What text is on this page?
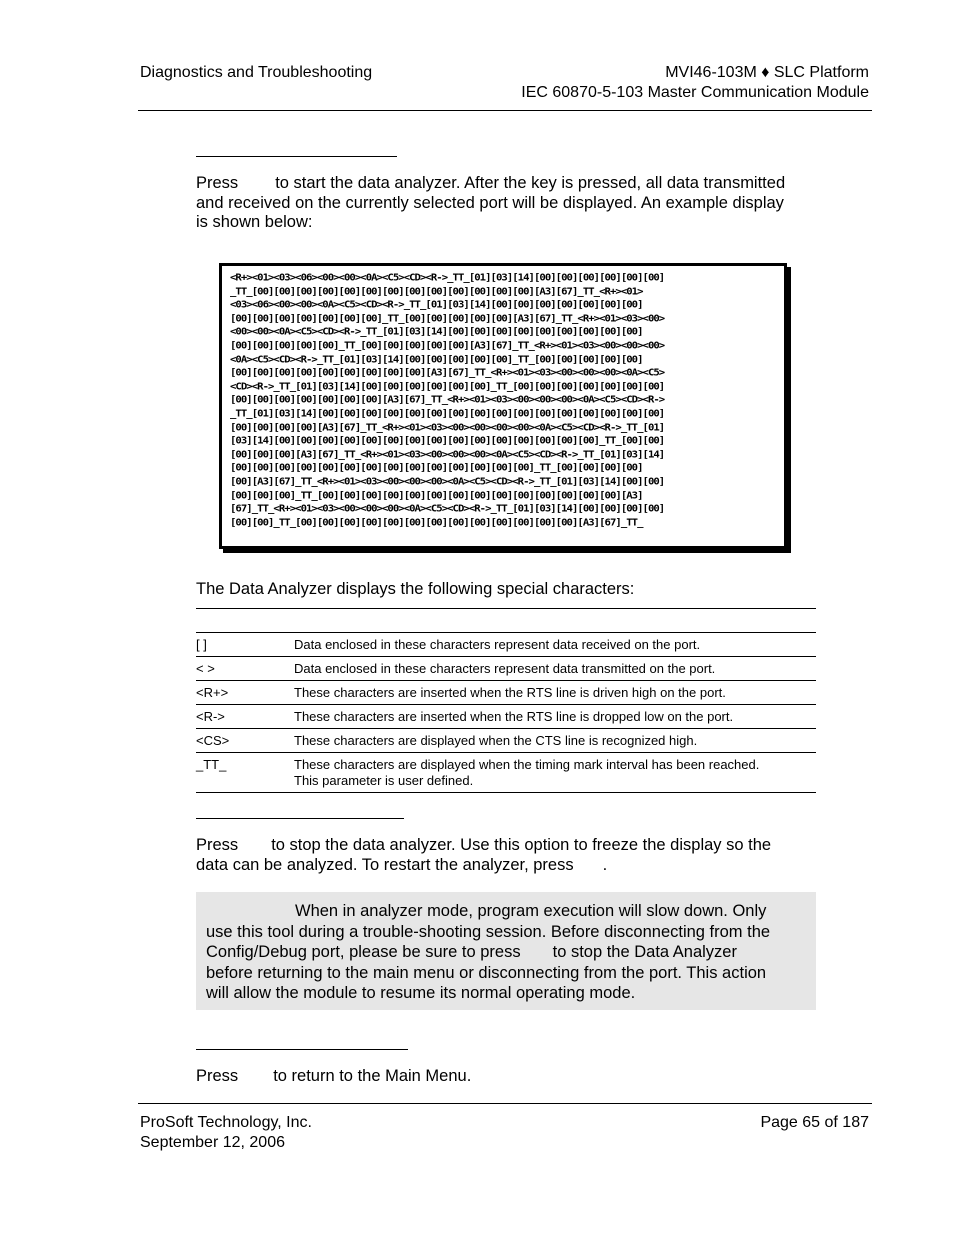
Diagnostics and Troubleshooting	MVI46-103M ♦ SLC Platform
IEC 60870-5-103 Master Communication Module
Press to start the data analyzer. After the key is pressed, all data transmitted
and received on the currently selected port will be displayed. An example display
is shown below:
<R+><01><03><06><00><00><0A><C5><CD><R->_TT_[01][03][14][00][00][00][00][00][00]
_TT_[00][00][00][00][00][00][00][00][00][00][00][00][00][A3][67]_TT_<R+><01>
<03><06><00><00><0A><C5><CD><R->_TT_[01][03][14][00][00][00][00][00][00][00]
[00][00][00][00][00][00][00]_TT_[00][00][00][00][00][A3][67]_TT_<R+><01><03><00>
<00><00><0A><C5><CD><R->_TT_[01][03][14][00][00][00][00][00][00][00][00][00]
[00][00][00][00][00]_TT_[00][00][00][00][00][A3][67]_TT_<R+><01><03><00><00><00>
<0A><C5><CD><R->_TT_[01][03][14][00][00][00][00][00]_TT_[00][00][00][00][00]
[00][00][00][00][00][00][00][00][00][A3][67]_TT_<R+><01><03><00><00><00><0A><C5>
<CD><R->_TT_[01][03][14][00][00][00][00][00][00]_TT_[00][00][00][00][00][00][00]
[00][00][00][00][00][00][00][A3][67]_TT_<R+><01><03><00><00><00><0A><C5><CD><R->
_TT_[01][03][14][00][00][00][00][00][00][00][00][00][00][00][00][00][00][00][00]
[00][00][00][00][A3][67]_TT_<R+><01><03><00><00><00><00><0A><C5><CD><R->_TT_[01]
[03][14][00][00][00][00][00][00][00][00][00][00][00][00][00][00][00]_TT_[00][00]
[00][00][00][A3][67]_TT_<R+><01><03><00><00><00><0A><C5><CD><R->_TT_[01][03][14]
[00][00][00][00][00][00][00][00][00][00][00][00][00][00]_TT_[00][00][00][00]
[00][A3][67]_TT_<R+><01><03><00><00><00><0A><C5><CD><R->_TT_[01][03][14][00][00]
[00][00][00]_TT_[00][00][00][00][00][00][00][00][00][00][00][00][00][00][A3]
[67]_TT_<R+><01><03><00><00><00><0A><C5><CD><R->_TT_[01][03][14][00][00][00][00]
[00][00]_TT_[00][00][00][00][00][00][00][00][00][00][00][00][00][A3][67]_TT_
The Data Analyzer displays the following special characters:
[ ]	Data enclosed in these characters represent data received on the port.

< >	Data enclosed in these characters represent data transmitted on the port.

<R+>	These characters are inserted when the RTS line is driven high on the port.

<R->	These characters are inserted when the RTS line is dropped low on the port.

<CS>	These characters are displayed when the CTS line is recognized high.

_TT_	These characters are displayed when the timing mark interval has been reached.
This parameter is user defined.
Press to stop the data analyzer. Use this option to freeze the display so the
data can be analyzed. To restart the analyzer, press .
When in analyzer mode, program execution will slow down. Only
use this tool during a trouble-shooting session. Before disconnecting from the
Config/Debug port, please be sure to press to stop the Data Analyzer
before returning to the main menu or disconnecting from the port. This action
will allow the module to resume its normal operating mode.
Press to return to the Main Menu.
ProSoft Technology, Inc.
September 12, 2006
Page 65 of 187
